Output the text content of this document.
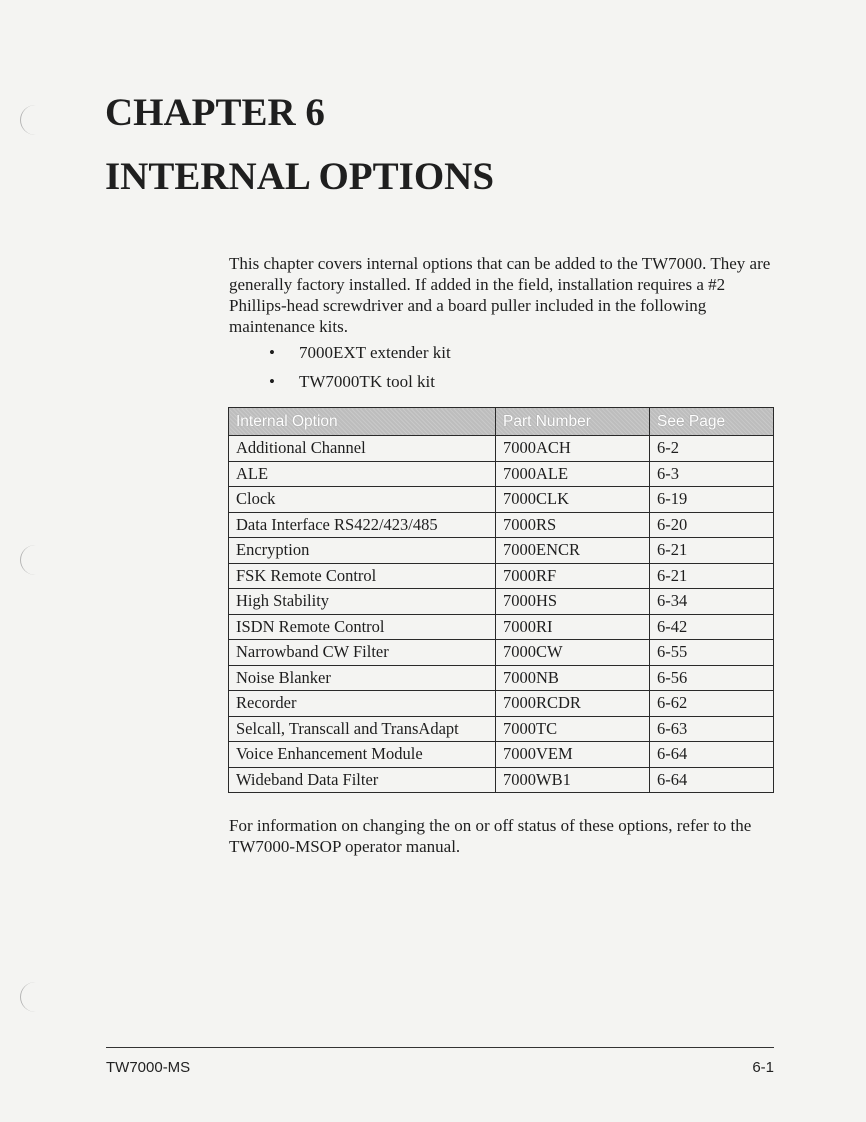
CHAPTER 6
INTERNAL OPTIONS

This chapter covers internal options that can be added to the TW7000. They are generally factory installed. If added in the field, installation requires a #2 Phillips-head screwdriver and a board puller included in the following maintenance kits.

• 7000EXT extender kit
• TW7000TK tool kit
Internal Option	Part Number	See Page
Additional Channel	7000ACH	6-2
ALE	7000ALE	6-3
Clock	7000CLK	6-19
Data Interface RS422/423/485	7000RS	6-20
Encryption	7000ENCR	6-21
FSK Remote Control	7000RF	6-21
High Stability	7000HS	6-34
ISDN Remote Control	7000RI	6-42
Narrowband CW Filter	7000CW	6-55
Noise Blanker	7000NB	6-56
Recorder	7000RCDR	6-62
Selcall, Transcall and TransAdapt	7000TC	6-63
Voice Enhancement Module	7000VEM	6-64
Wideband Data Filter	7000WB1	6-64

For information on changing the on or off status of these options, refer to the TW7000-MSOP operator manual.

TW7000-MS	6-1
